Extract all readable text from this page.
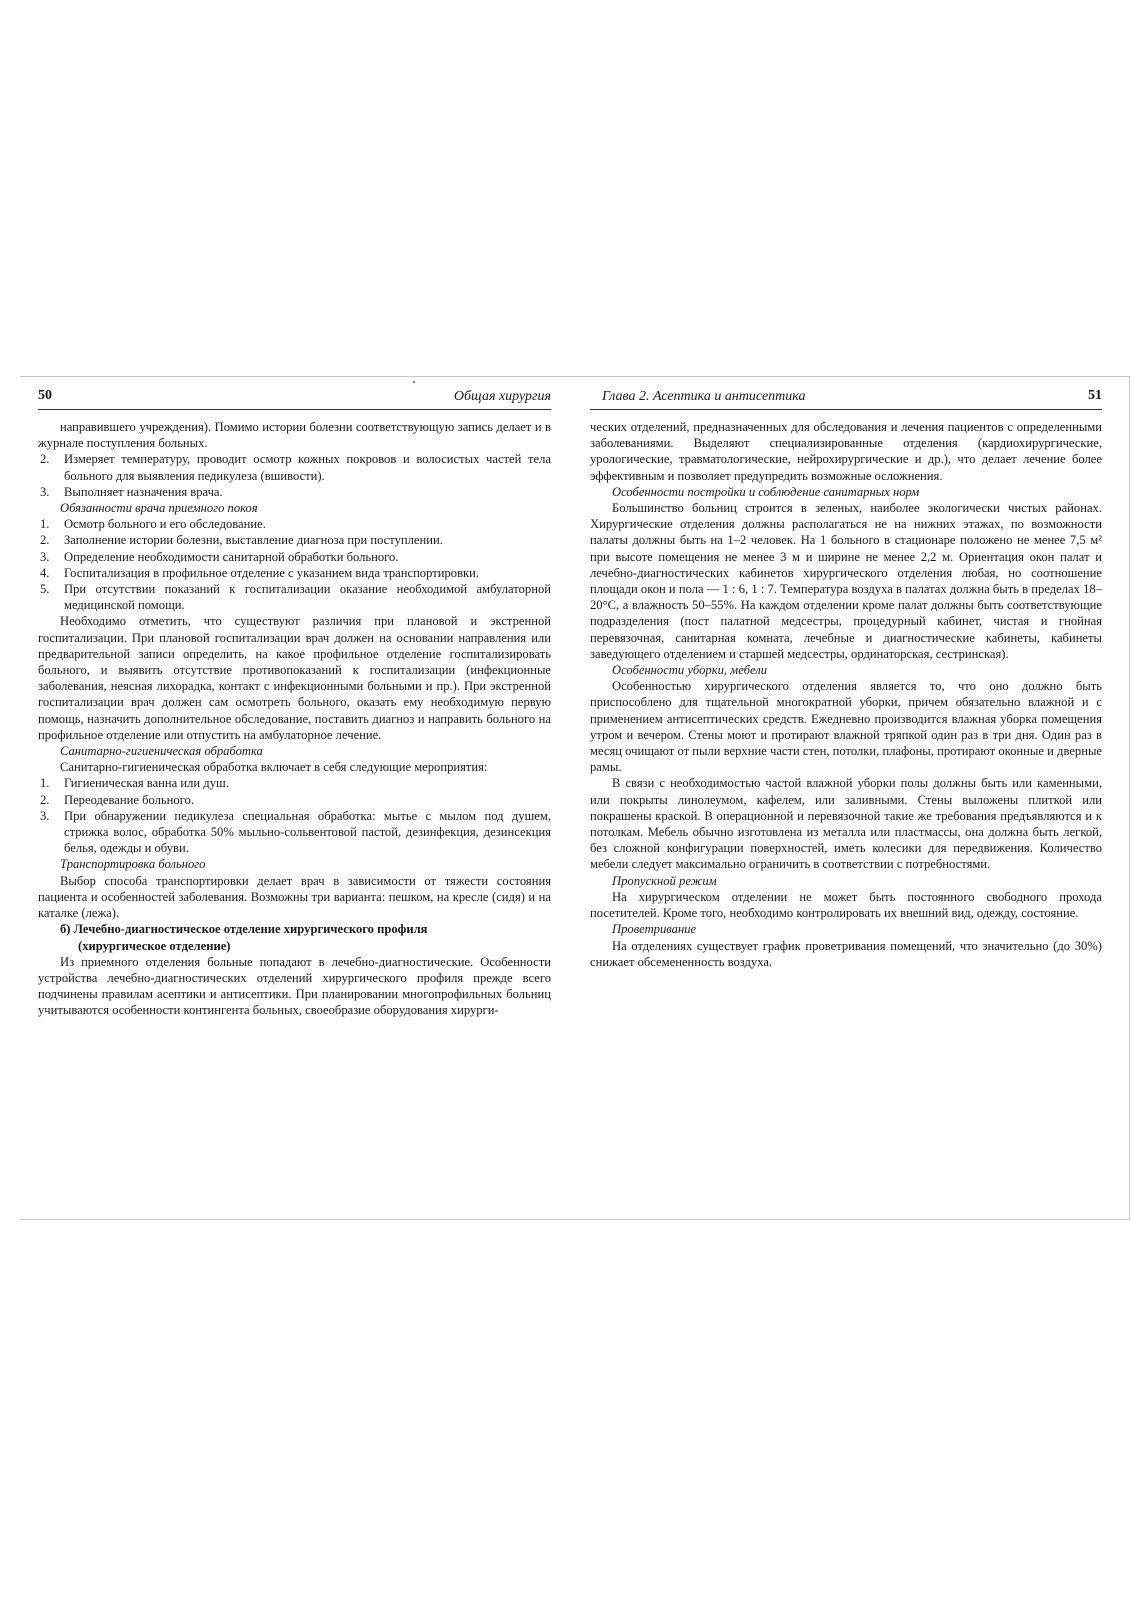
50	Общая хирургия

направившего учреждения). Помимо истории болезни соответствующую запись делает и в журнале поступления больных.

2. Измеряет температуру, проводит осмотр кожных покровов и волосистых частей тела больного для выявления педикулеза (вшивости).
3. Выполняет назначения врача.

Обязанности врача приемного покоя

1. Осмотр больного и его обследование.
2. Заполнение истории болезни, выставление диагноза при поступлении.
3. Определение необходимости санитарной обработки больного.
4. Госпитализация в профильное отделение с указанием вида транспортировки.
5. При отсутствии показаний к госпитализации оказание необходимой амбулаторной медицинской помощи.

Необходимо отметить, что существуют различия при плановой и экстренной госпитализации. При плановой госпитализации врач должен на основании направления или предварительной записи определить, на какое профильное отделение госпитализировать больного, и выявить отсутствие противопоказаний к госпитализации (инфекционные заболевания, неясная лихорадка, контакт с инфекционными больными и пр.). При экстренной госпитализации врач должен сам осмотреть больного, оказать ему необходимую первую помощь, назначить дополнительное обследование, поставить диагноз и направить больного на профильное отделение или отпустить на амбулаторное лечение.

Санитарно-гигиеническая обработка

Санитарно-гигиеническая обработка включает в себя следующие мероприятия:

1. Гигиеническая ванна или душ.
2. Переодевание больного.
3. При обнаружении педикулеза специальная обработка: мытье с мылом под душем, стрижка волос, обработка 50% мыльно-сольвентовой пастой, дезинфекция, дезинсекция белья, одежды и обуви.

Транспортировка больного

Выбор способа транспортировки делает врач в зависимости от тяжести состояния пациента и особенностей заболевания. Возможны три варианта: пешком, на кресле (сидя) и на каталке (лежа).

б) Лечебно-диагностическое отделение хирургического профиля
(хирургическое отделение)

Из приемного отделения больные попадают в лечебно-диагностические. Особенности устройства лечебно-диагностических отделений хирургического профиля прежде всего подчинены правилам асептики и антисептики. При планировании многопрофильных больниц учитываются особенности контингента больных, своеобразие оборудования хирурги-

Глава 2. Асептика и антисептика	51

ческих отделений, предназначенных для обследования и лечения пациентов с определенными заболеваниями. Выделяют специализированные отделения (кардиохирургические, урологические, травматологические, нейрохирургические и др.), что делает лечение более эффективным и позволяет предупредить возможные осложнения.

Особенности постройки и соблюдение санитарных норм

Большинство больниц строится в зеленых, наиболее экологически чистых районах. Хирургические отделения должны располагаться не на нижних этажах, по возможности палаты должны быть на 1–2 человек. На 1 больного в стационаре положено не менее 7,5 м² при высоте помещения не менее 3 м и ширине не менее 2,2 м. Ориентация окон палат и лечебно-диагностических кабинетов хирургического отделения любая, но соотношение площади окон и пола — 1 : 6, 1 : 7. Температура воздуха в палатах должна быть в пределах 18–20°С, а влажность 50–55%. На каждом отделении кроме палат должны быть соответствующие подразделения (пост палатной медсестры, процедурный кабинет, чистая и гнойная перевязочная, санитарная комната, лечебные и диагностические кабинеты, кабинеты заведующего отделением и старшей медсестры, ординаторская, сестринская).

Особенности уборки, мебели

Особенностью хирургического отделения является то, что оно должно быть приспособлено для тщательной многократной уборки, причем обязательно влажной и с применением антисептических средств. Ежедневно производится влажная уборка помещения утром и вечером. Стены моют и протирают влажной тряпкой один раз в три дня. Один раз в месяц очищают от пыли верхние части стен, потолки, плафоны, протирают оконные и дверные рамы.

В связи с необходимостью частой влажной уборки полы должны быть или каменными, или покрыты линолеумом, кафелем, или заливными. Стены выложены плиткой или покрашены краской. В операционной и перевязочной такие же требования предъявляются и к потолкам. Мебель обычно изготовлена из металла или пластмассы, она должна быть легкой, без сложной конфигурации поверхностей, иметь колесики для передвижения. Количество мебели следует максимально ограничить в соответствии с потребностями.

Пропускной режим

На хирургическом отделении не может быть постоянного свободного прохода посетителей. Кроме того, необходимо контролировать их внешний вид, одежду, состояние.

Проветривание

На отделениях существует график проветривания помещений, что значительно (до 30%) снижает обсемененность воздуха.
